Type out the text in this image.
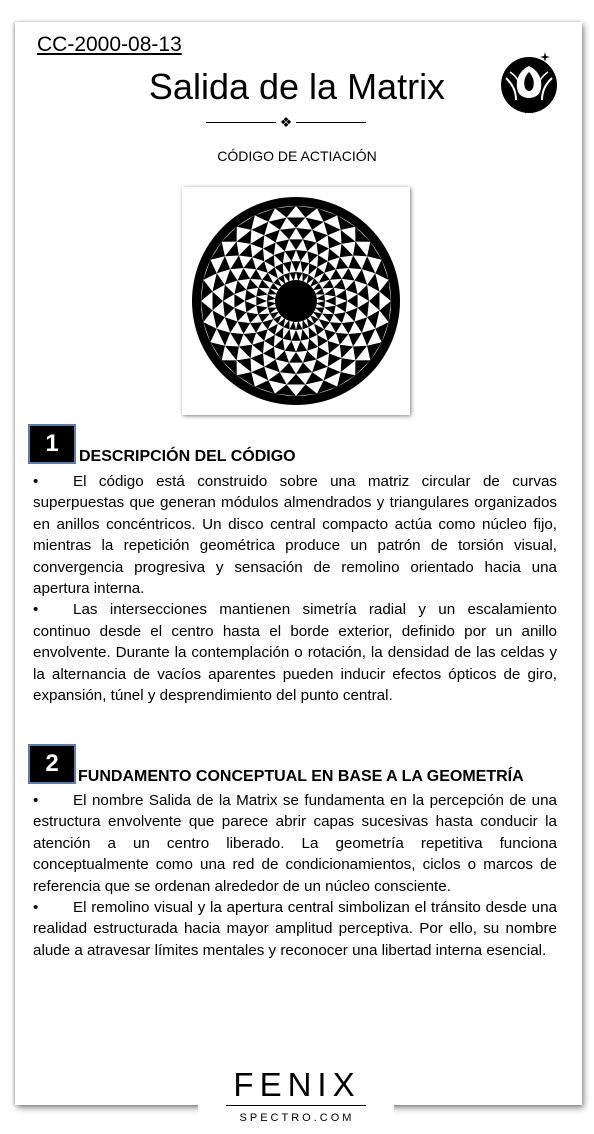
CC-2000-08-13
Salida de la Matrix
❖
CÓDIGO DE ACTIACIÓN
1	DESCRIPCIÓN DEL CÓDIGO

• El código está construido sobre una matriz circular de curvas superpuestas que generan módulos almendrados y triangulares organizados en anillos concéntricos. Un disco central compacto actúa como núcleo fijo, mientras la repetición geométrica produce un patrón de torsión visual, convergencia progresiva y sensación de remolino orientado hacia una apertura interna.

• Las intersecciones mantienen simetría radial y un escalamiento continuo desde el centro hasta el borde exterior, definido por un anillo envolvente. Durante la contemplación o rotación, la densidad de las celdas y la alternancia de vacíos aparentes pueden inducir efectos ópticos de giro, expansión, túnel y desprendimiento del punto central.

2	FUNDAMENTO CONCEPTUAL EN BASE A LA GEOMETRÍA

• El nombre Salida de la Matrix se fundamenta en la percepción de una estructura envolvente que parece abrir capas sucesivas hasta conducir la atención a un centro liberado. La geometría repetitiva funciona conceptualmente como una red de condicionamientos, ciclos o marcos de referencia que se ordenan alrededor de un núcleo consciente.

• El remolino visual y la apertura central simbolizan el tránsito desde una realidad estructurada hacia mayor amplitud perceptiva. Por ello, su nombre alude a atravesar límites mentales y reconocer una libertad interna esencial.

FENIX
SPECTRO.COM
